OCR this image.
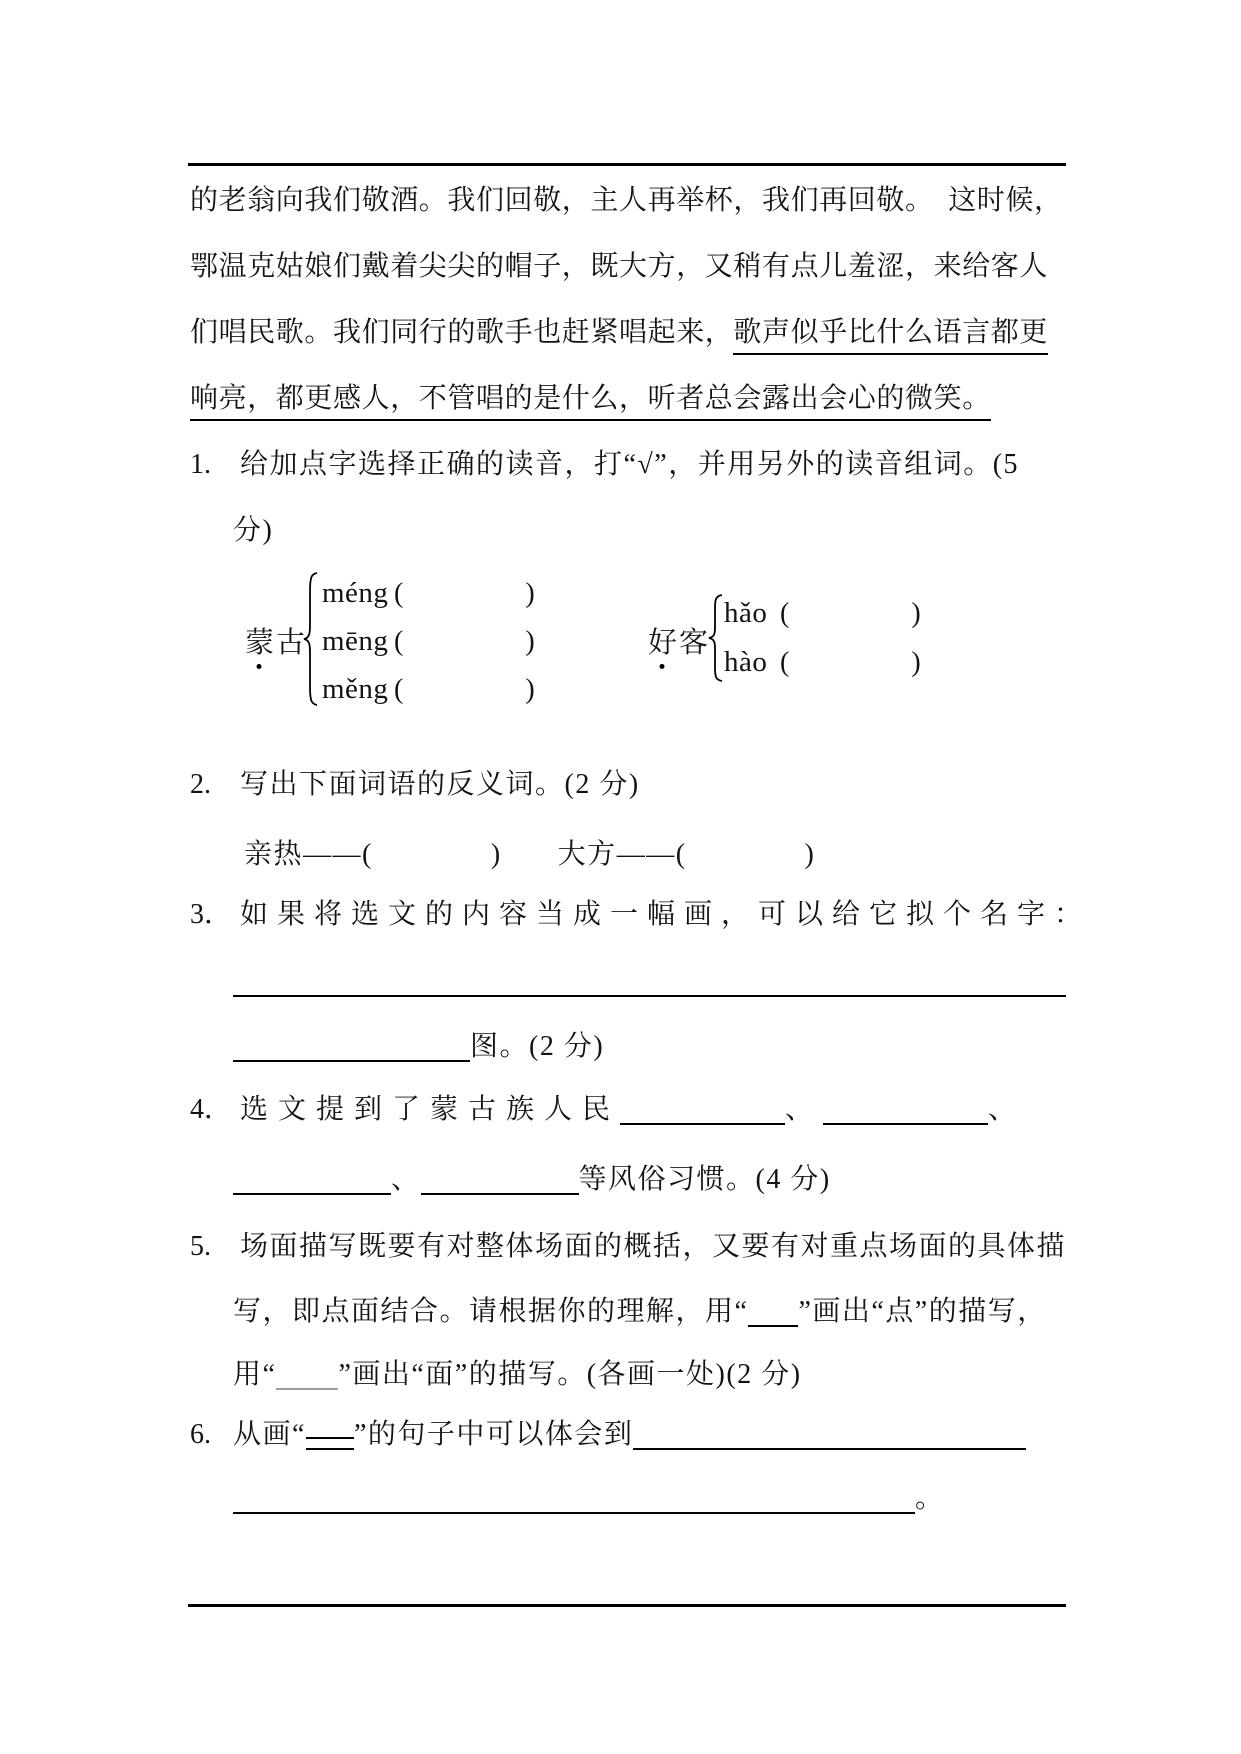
的老翁向我们敬酒。我们回敬，主人再举杯，我们再回敬。　这时候，
鄂温克姑娘们戴着尖尖的帽子，既大方，又稍有点儿羞涩，来给客人
们唱民歌。我们同行的歌手也赶紧唱起来，歌声似乎比什么语言都更
响亮，都更感人，不管唱的是什么，听者总会露出会心的微笑。
1. 给加点字选择正确的读音，打“√”，并用另外的读音组词。(5
分)
蒙古
méng (	)
mēng (	)
měng (	)
好客
hǎo (	)
hào (	)
2. 写出下面词语的反义词。(2 分)
亲热——(	) 大方——(	)
3． 如果将选文的内容当成一幅画，可以给它拟个名字：
图。(2 分)
4． 选文提到了蒙古族人民	、	、
、	等风俗习惯。(4 分)
5. 场面描写既要有对整体场面的概括，又要有对重点场面的具体描
写，即点面结合。请根据你的理解，用“ ”画出“点”的描写，
用“ ”画出“面”的描写。(各画一处)(2 分)
6. 从画“ ”的句子中可以体会到
。
